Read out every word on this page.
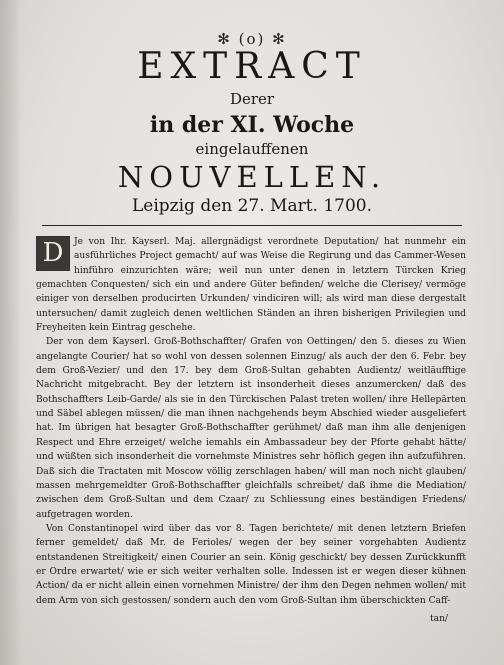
✻ (o) ✻
EXTRACT
Derer
in der XI. Woche
eingelauffenen
NOUVELLEN.
Leipzig den 27. Mart. 1700.

D	Je von Ihr. Kayserl. Maj. allergnädigst verordnete Deputation/ hat nunmehr ein ausführliches Project gemacht/ auf was Weise die Regirung und das Cammer-Wesen hinführo einzurichten wäre; weil nun unter denen in letztern Türcken Krieg gemachten Conquesten/ sich ein und andere Güter befinden/ welche die Clerisey/ vermöge einiger von derselben producirten Urkunden/ vindiciren will; als wird man diese dergestalt untersuchen/ damit zugleich denen weltlichen Ständen an ihren bisherigen Privilegien und Freyheiten kein Eintrag geschehe.

Der von dem Kayserl. Groß-Bothschaffter/ Grafen von Oettingen/ den 5. dieses zu Wien angelangte Courier/ hat so wohl von dessen solennen Einzug/ als auch der den 6. Febr. bey dem Groß-Vezier/ und den 17. bey dem Groß-Sultan gehabten Audientz/ weitläufftige Nachricht mitgebracht. Bey der letztern ist insonderheit dieses anzumercken/ daß des Bothschaffters Leib-Garde/ als sie in den Türckischen Palast treten wollen/ ihre Hellepärten und Säbel ablegen müssen/ die man ihnen nachgehends beym Abschied wieder ausgeliefert hat. Im übrigen hat besagter Groß-Bothschaffter gerühmet/ daß man ihm alle denjenigen Respect und Ehre erzeiget/ welche iemahls ein Ambassadeur bey der Pforte gehabt hätte/ und wüßten sich insonderheit die vornehmste Ministres sehr höflich gegen ihn aufzuführen. Daß sich die Tractaten mit Moscow völlig zerschlagen haben/ will man noch nicht glauben/ massen mehrgemeldter Groß-Bothschaffter gleichfalls schreibet/ daß ihme die Mediation/ zwischen dem Groß-Sultan und dem Czaar/ zu Schliessung eines beständigen Friedens/ aufgetragen worden.

Von Constantinopel wird über das vor 8. Tagen berichtete/ mit denen letztern Briefen ferner gemeldet/ daß Mr. de Ferioles/ wegen der bey seiner vorgehabten Audientz entstandenen Streitigkeit/ einen Courier an sein. König geschickt/ bey dessen Zurückkunfft er Ordre erwartet/ wie er sich weiter verhalten solle. Indessen ist er wegen dieser kühnen Action/ da er nicht allein einen vornehmen Ministre/ der ihm den Degen nehmen wollen/ mit dem Arm von sich gestossen/ sondern auch den vom Groß-Sultan ihm überschickten Caff-

tan/
